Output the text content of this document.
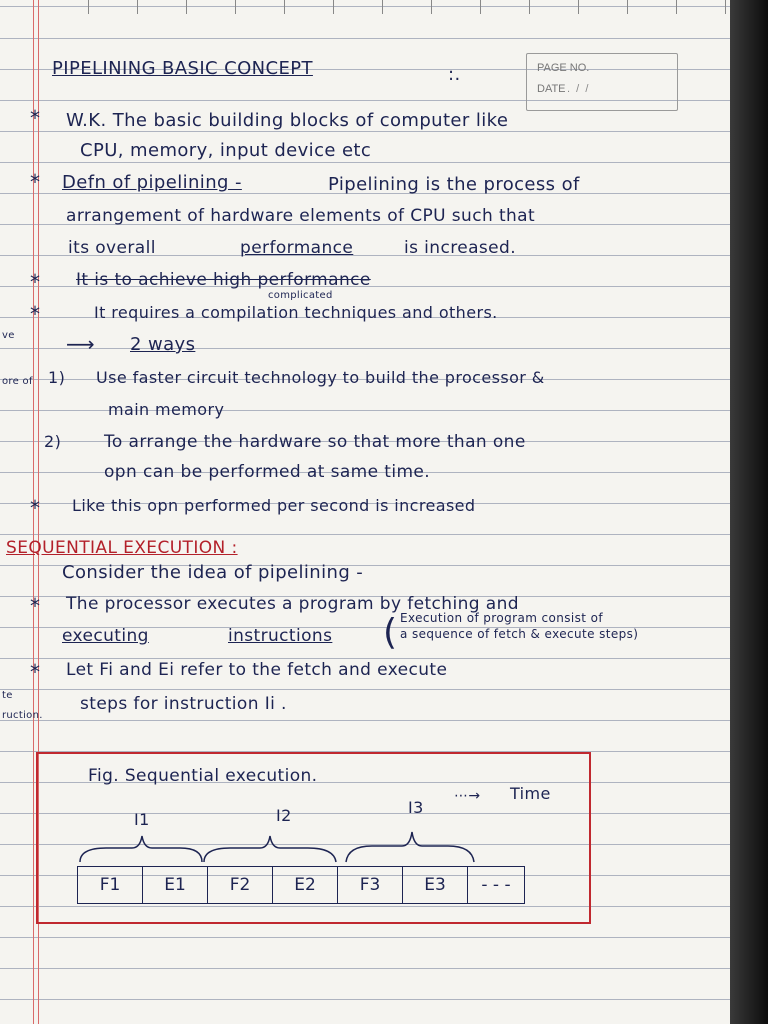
PIPELINING BASIC CONCEPT	:.	PAGE NO.
DATE .  /  /
ve
ore of
te
ruction.
*
*
*
*
*
*
*

W.K. The basic building blocks of computer like

CPU, memory, input device etc

Defn of pipelining -	Pipelining is the process of

arrangement of hardware elements of CPU such that

its overall	performance	is increased.

It is to achieve high performance

complicated

It requires a compilation techniques and others.

⟶ 2 ways

1) Use faster circuit technology to build the processor &

main memory

2)	To arrange the hardware so that more than one

opn can be performed at same time.

Like this opn performed per second is increased

SEQUENTIAL EXECUTION :

Consider the idea of pipelining -

The processor executes a program by fetching and

executing	instructions ( Execution of program consist of

a sequence of fetch & execute steps)

Let Fi and Ei refer to the fetch and execute

steps for instruction Ii .

Fig. Sequential execution.

⋯→ Time

I1	I2	I3
F1	E1	F2	E2	F3	E3	- - -
